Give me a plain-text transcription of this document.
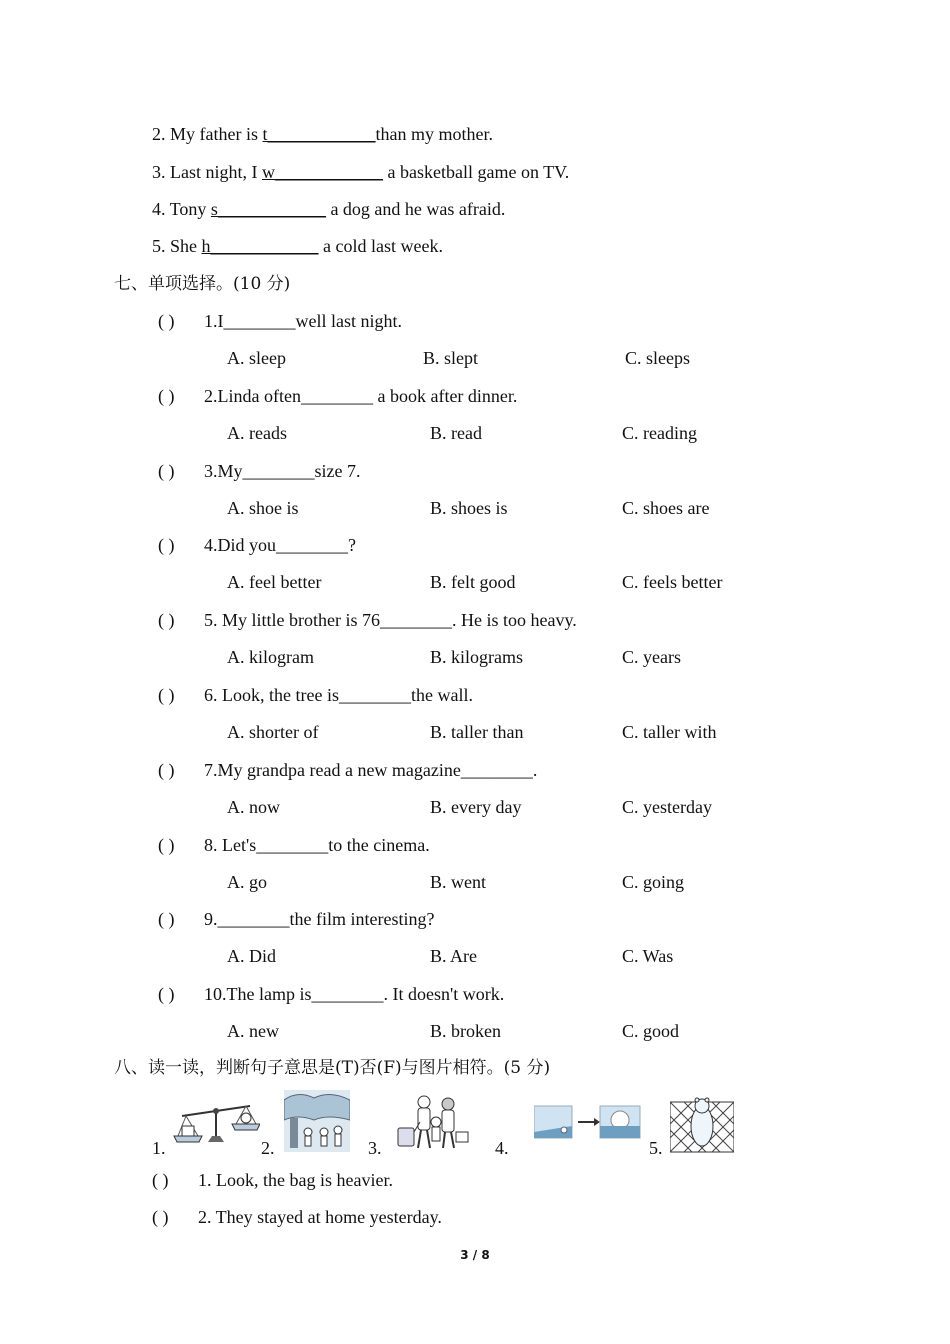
2. My father is t____________than my mother.
3. Last night, I w____________ a basketball game on TV.
4. Tony s____________ a dog and he was afraid.
5. She h____________ a cold last week.
七、单项选择。(10 分)
( ) 1.I________well last night.
A. sleep	B. slept	C. sleeps
( ) 2.Linda often________ a book after dinner.
A. reads	B. read	C. reading
( ) 3.My________size 7.
A. shoe is	B. shoes is	C. shoes are
( ) 4.Did you________?
A. feel better	B. felt good	C. feels better
( ) 5. My little brother is 76________. He is too heavy.
A. kilogram	B. kilograms	C. years
( ) 6. Look, the tree is________the wall.
A. shorter of	B. taller than	C. taller with
( ) 7.My grandpa read a new magazine________.
A. now	B. every day	C. yesterday
( ) 8. Let's________to the cinema.
A. go	B. went	C. going
( ) 9.________the film interesting?
A. Did	B. Are	C. Was
( ) 10.The lamp is________. It doesn't work.
A. new	B. broken	C. good
八、读一读，判断句子意思是(T)否(F)与图片相符。(5 分)
1.	2.	3.	4.	5.
( ) 1. Look, the bag is heavier.
( ) 2. They stayed at home yesterday.
3 / 8
